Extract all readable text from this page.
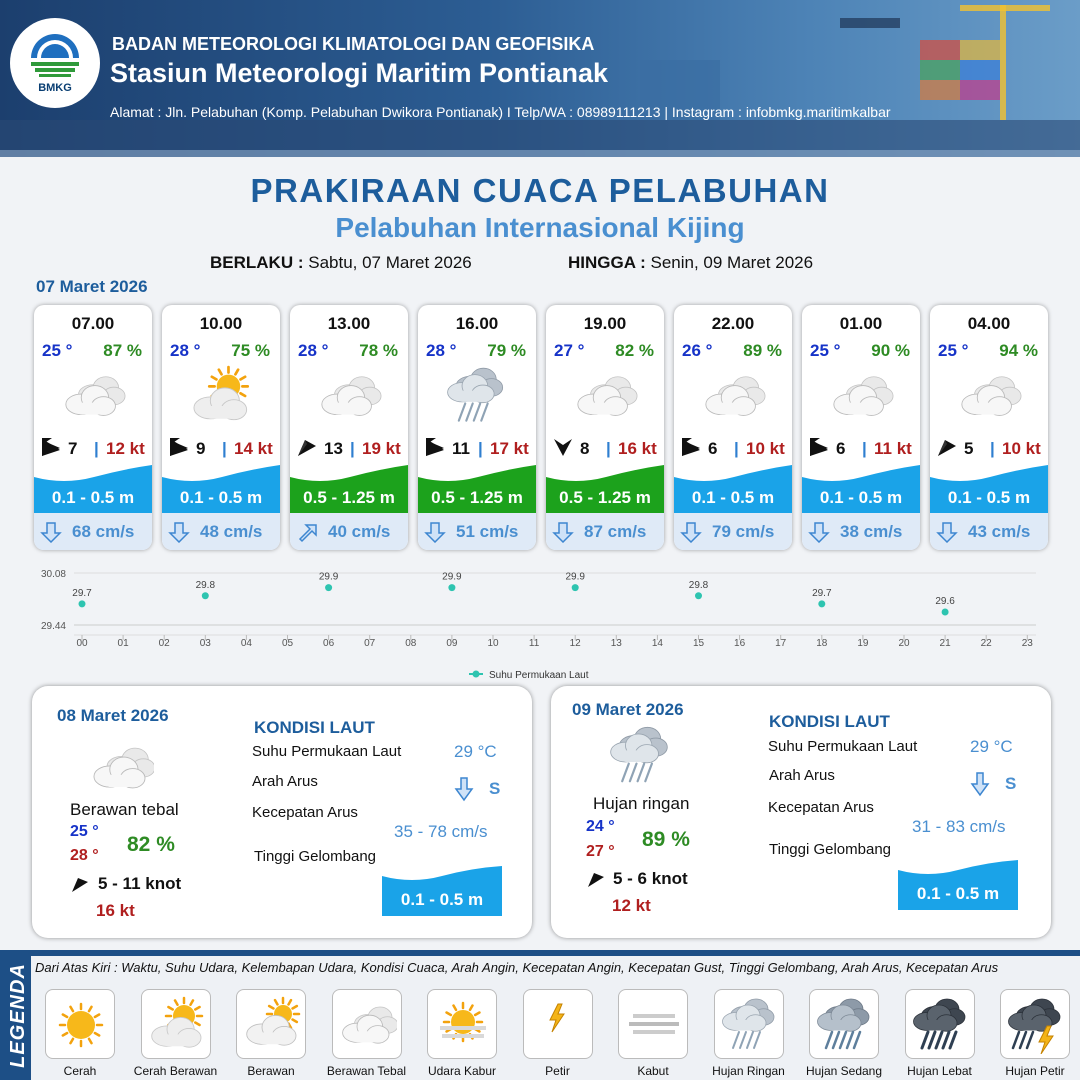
BMKG
BADAN METEOROLOGI KLIMATOLOGI DAN GEOFISIKA
Stasiun Meteorologi Maritim Pontianak
Alamat : Jln. Pelabuhan (Komp. Pelabuhan Dwikora Pontianak) I Telp/WA : 08989111213 | Instagram : infobmkg.maritimkalbar
PRAKIRAAN CUACA PELABUHAN
Pelabuhan Internasional Kijing
BERLAKU : Sabtu, 07 Maret 2026	HINGGA : Senin, 09 Maret 2026
07 Maret 2026
07.00
25 ° 87 %
7 | 12 kt
0.1 - 0.5 m
68 cm/s
10.00
28 ° 75 %
9 | 14 kt
0.1 - 0.5 m
48 cm/s
13.00
28 ° 78 %
13 | 19 kt
0.5 - 1.25 m
40 cm/s
16.00
28 ° 79 %
11 | 17 kt
0.5 - 1.25 m
51 cm/s
19.00
27 ° 82 %
8 | 16 kt
0.5 - 1.25 m
87 cm/s
22.00
26 ° 89 %
6 | 10 kt
0.1 - 0.5 m
79 cm/s
01.00
25 ° 90 %
6 | 11 kt
0.1 - 0.5 m
38 cm/s
04.00
25 ° 94 %
5 | 10 kt
0.1 - 0.5 m
43 cm/s
30.08
29.44
00	01	02	03	04	05	06	07	08	09	10	11	12	13	14	15	16	17	18	19	20	21	22	23
29.7
29.8
29.9	29.9	29.9
29.8
29.7
29.6
Suhu Permukaan Laut
08 Maret 2026
Berawan tebal
25 °
28 ° 82 %
5 - 11 knot
16 kt
KONDISI LAUT
Suhu Permukaan Laut	29 °C
Arah Arus	S
Kecepatan Arus
35 - 78 cm/s
Tinggi Gelombang
0.1 - 0.5 m
09 Maret 2026
Hujan ringan
24 °
27 °
89 %
5 - 6 knot
12 kt
KONDISI LAUT
Suhu Permukaan Laut	29 °C
Arah Arus	S
Kecepatan Arus
31 - 83 cm/s
Tinggi Gelombang
0.1 - 0.5 m
LEGENDA Dari Atas Kiri : Waktu, Suhu Udara, Kelembapan Udara, Kondisi Cuaca, Arah Angin, Kecepatan Angin, Kecepatan Gust, Tinggi Gelombang, Arah Arus, Kecepatan Arus
Cerah	Cerah Berawan	Berawan	Berawan Tebal	Udara Kabur	Petir	Kabut	Hujan Ringan	Hujan Sedang	Hujan Lebat	Hujan Petir
